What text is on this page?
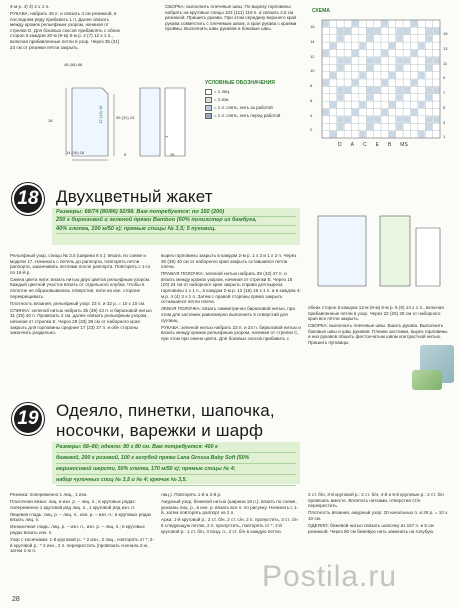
4-м р. 4) 3) 2 х 1 п.

РУКАВА: набрать 46 п. и связать 4 см резинкой, в последнем ряду прибавить 1 п. Далее связать между кромок рельефным узором, начиная от стрелки D. Для боковых скосов прибавлять с обеих сторон в каждом 20-м (8-м) 6-м р. 2 (7) 12 х 1 п., включая прибавленные петли в узор. Через 35 (31) 24 см от резинки петли закрыть.

48 (56) 66
14 (16) 18
35 (31) 24
18	12 (13) 18
4
5	28

СБОРКА: выполнить плечевые швы. По вырезу горловины набрать на круговые спицы 103 (111) 119 п. и связать 2,5 см резинкой. Пришить рукава. При этом середину верхнего края рукава совместить с плечевым швом, а края рукава с краями проймы. Выполнить швы рукавов и боковые швы.

УСЛОВНЫЕ ОБОЗНАЧЕНИЯ
= 1 лиц.
= 1 изн.
= 1 п. снять, нить за работой
= 1 п. снять, нить перед работой
СХЕМА
16
14
12
10
8
6
4
2
15
13
11
9
7
5
3
1
D A C E B MS
18 Двухцветный жакет
Размеры: 68/74 (80/86) 92/98. Вам потребуется: по 150 (200)
250 г бирюзовой и зеленой пряжи Bamboo (60% полиэстер из бамбука,
40% хлопка, 100 м/50 г); прямые спицы № 3,5; 5 пуговиц.

Рельефный узор, спицы № 3,5 (ширина 8 п.): вязать по схеме и модели 17. Начинать с петель до раппорта, повторять петли раппорта, заканчивать петлями после раппорта. Повторять с 1-го по 16-й р.

Смена цвета нити: вязать нитью двух цветов рельефным узором. Каждый цветной участок вязать от отдельного клубка. Чтобы в полотне не образовывались отверстия, нити на изн. стороне перекрещивать.

Плотность вязания, рельефный узор: 23 п. и 32 р. = 10 х 10 см.

СПИНКА: зеленой нитью набрать 35 (39) 43 п. и бирюзовой нитью 31 (35) 40 п. Провязать 2 см, далее связать рельефным узором, начиная от стрелки E. Через 28 (33) 38 см от наборного края закрыть для горловины средние 17 (23) 27 п. и обе стороны закончить раздельно.

вырез горловины закрыть в каждом 2-м р. 1 х 3 и 1 х 2 п. Через 30 (35) 40 см от наборного края закрыть оставшиеся петли плеча.

ПРАВАЯ ПОЛОЧКА: зеленой нитью набрать 39 (43) 47 п. и вязать между кромок узором, начиная от стрелки E. Через 16 (20) 24 см от наборного края закрыть справа для выреза горловины 1 х 1 п., в каждом 2-м р. 12 (16) 18 х 1 п. и в каждом 4-м р. 4 (4) 3 х 1 п. Затем с правой стороны прямо закрыть оставшиеся петли плеча.

ЛЕВАЯ ПОЛОЧКА: вязать симметрично бирюзовой нитью, при этом для застежек равномерно выполнить 5 отверстий для пуговиц.

РУКАВА: зеленой нитью набрать 23 п. и 24 п. бирюзовой нитью и вязать между кромок рельефным узором, начиная от стрелки C, при этом при смене цвета. Для боковых скосов прибавить с

обеих сторон в каждом 12-м (8-м) 6-м р. 5 (9) 14 х 1 п., включая прибавленные петли в узор. Через 22 (25) 28 см от наборного края все петли закрыть.

СБОРКА: выполнить плечевые швы. Вшить рукава. Выполнить боковые швы и швы рукавов. Планки застежки, вырез горловины и низ рукавов обшить фестончатым швом контрастной нитью. Пришить пуговицы.

19 Одеяло, пинетки, шапочка,
носочки, варежки и шарф
Размеры: 68–80; одеяло: 80 х 80 см. Вам потребуется: 400 г
бежевой, 200 г розовой, 100 г голубой пряжи Lana Grossa Baby Soft (50%
мериносовой шерсти, 50% хлопка, 170 м/50 г); прямые спицы № 4;
набор чулочных спиц № 3,5 и № 4; крючок № 3,5.

Резинка: попеременно 1 лиц., 1 изн.

Платочная вязка: лиц. и изн. р. – лиц. п.; в круговых рядах: попеременно 1 круговой ряд лиц. п., 1 круговой ряд изн. п.

Лицевая гладь: лиц. р. – лиц. п., изн. р. – изн. п.; в круговых рядах вязать лиц. п.

Изнаночная гладь: лиц. р. – изн. п., изн. р. – лиц. п.; в круговых рядах вязать изн. п.

Узор с косичками: 1-й круговой р.: * 2 изн., 2 лиц., повторять от *; 2-й круговой р.: * 2 изн., 2 п. перекрестить (провязать сначала 2-ю, затем 1-ю п.

лиц.). Повторять 1-й и 2-й р.

Ажурный узор, бежевой нитью (ширина 18 п.): вязать по схеме, указаны лиц. р., в изн. р. вязать все п. по рисунку. Начинать с 1-й, затем повторять раппорт из 2 п.

Арка: 1-й круговой р.: 2 ст. б/н, 2 ст. с/н, 2 п. пропустить, 3 ст. с/н в следующую петлю, 2 п. пропустить, повторять от *; 2-й круговой р.: 1 ст. б/н, 3 возд. п., 2 ст. б/н в каждую петлю.

2 ст. б/н, 3-й круговой р.: 2 ст. б/н, 4-й и 5-й круговые р.: 2 ст. б/н провязать вместе. Вплетать нитками, отверстия ст/н перекрестить.

Плотность вязания, ажурный узор: 20 начальных п. и 28 р. = 10 х 10 см.

ОДЕЯЛО: бежевой нитью связать шапочку из 157 п. и 5 см резинкой. Через 80 см бежевую нить заменить на голубую.

Postila.ru
28
